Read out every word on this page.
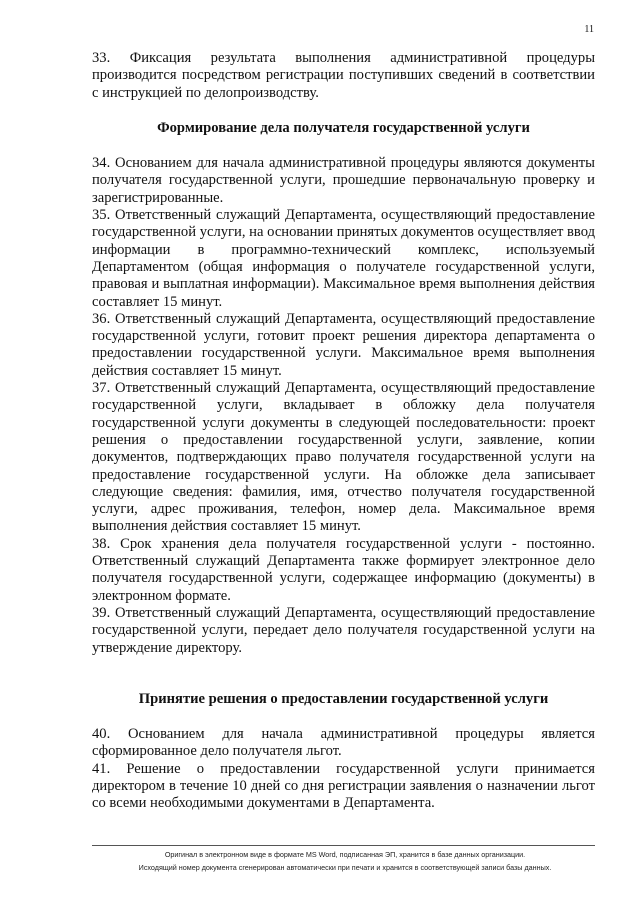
11

33. Фиксация результата выполнения административной процедуры производится посредством регистрации поступивших сведений в соответствии с инструкцией по делопроизводству.

Формирование дела получателя государственной услуги

34. Основанием для начала административной процедуры являются документы получателя государственной услуги, прошедшие первоначальную проверку и зарегистрированные.

35. Ответственный служащий Департамента, осуществляющий предоставление государственной услуги, на основании принятых документов осуществляет ввод информации в программно-технический комплекс, используемый Департаментом (общая информация о получателе государственной услуги, правовая и выплатная информации). Максимальное время выполнения действия составляет 15 минут.

36. Ответственный служащий Департамента, осуществляющий предоставление государственной услуги, готовит проект решения директора департамента о предоставлении государственной услуги. Максимальное время выполнения действия составляет 15 минут.

37. Ответственный служащий Департамента, осуществляющий предоставление государственной услуги, вкладывает в обложку дела получателя государственной услуги документы в следующей последовательности: проект решения о предоставлении государственной услуги, заявление, копии документов, подтверждающих право получателя государственной услуги на предоставление государственной услуги. На обложке дела записывает следующие сведения: фамилия, имя, отчество получателя государственной услуги, адрес проживания, телефон, номер дела. Максимальное время выполнения действия составляет 15 минут.

38. Срок хранения дела получателя государственной услуги - постоянно. Ответственный служащий Департамента также формирует электронное дело получателя государственной услуги, содержащее информацию (документы) в электронном формате.

39. Ответственный служащий Департамента, осуществляющий предоставление государственной услуги, передает дело получателя государственной услуги на утверждение директору.

Принятие решения о предоставлении государственной услуги

40. Основанием для начала административной процедуры является сформированное дело получателя льгот.

41. Решение о предоставлении государственной услуги принимается директором в течение 10 дней со дня регистрации заявления о назначении льгот со всеми необходимыми документами в Департамента.

Оригинал в электронном виде в формате MS Word, подписанная ЭП, хранится в базе данных организации.
Исходящий номер документа сгенерирован автоматически при печати и хранится в соответствующей записи базы данных.
